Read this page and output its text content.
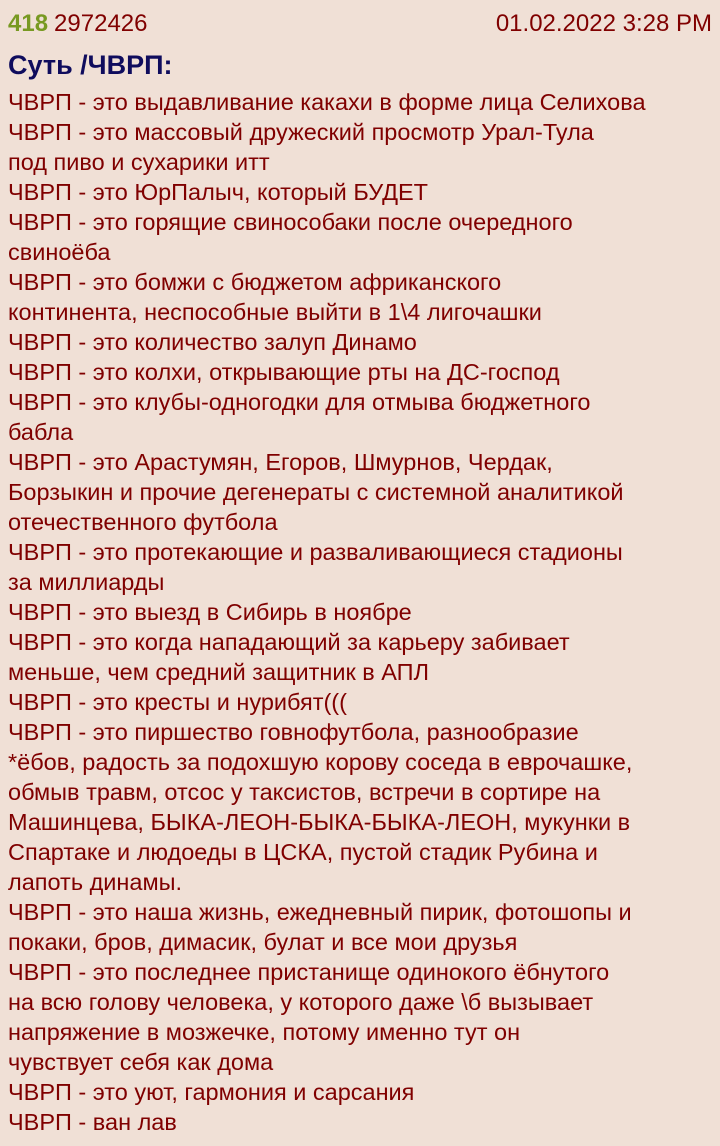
418 2972426	01.02.2022 3:28 PM
Суть /ЧВРП:
ЧВРП - это выдавливание какахи в форме лица Селихова
ЧВРП - это массовый дружеский просмотр Урал-Тула
под пиво и сухарики итт
ЧВРП - это ЮрПалыч, который БУДЕТ
ЧВРП - это горящие свинособаки после очередного
свиноёба
ЧВРП - это бомжи с бюджетом африканского
континента, неспособные выйти в 1\4 лигочашки
ЧВРП - это количество залуп Динамо
ЧВРП - это колхи, открывающие рты на ДС-господ
ЧВРП - это клубы-одногодки для отмыва бюджетного
бабла
ЧВРП - это Арастумян, Егоров, Шмурнов, Чердак,
Борзыкин и прочие дегенераты с системной аналитикой
отечественного футбола
ЧВРП - это протекающие и разваливающиеся стадионы
за миллиарды
ЧВРП - это выезд в Сибирь в ноябре
ЧВРП - это когда нападающий за карьеру забивает
меньше, чем средний защитник в АПЛ
ЧВРП - это кресты и нурибят(((
ЧВРП - это пиршество говнофутбола, разнообразие
*ёбов, радость за подохшую корову соседа в еврочашке,
обмыв травм, отсос у таксистов, встречи в сортире на
Машинцева, БЫКА-ЛЕОН-БЫКА-БЫКА-ЛЕОН, мукунки в
Спартаке и людоеды в ЦСКА, пустой стадик Рубина и
лапоть динамы.
ЧВРП - это наша жизнь, ежедневный пирик, фотошопы и
покаки, бров, димасик, булат и все мои друзья
ЧВРП - это последнее пристанище одинокого ёбнутого
на всю голову человека, у которого даже \б вызывает
напряжение в мозжечке, потому именно тут он
чувствует себя как дома
ЧВРП - это уют, гармония и сарсания
ЧВРП - ван лав
